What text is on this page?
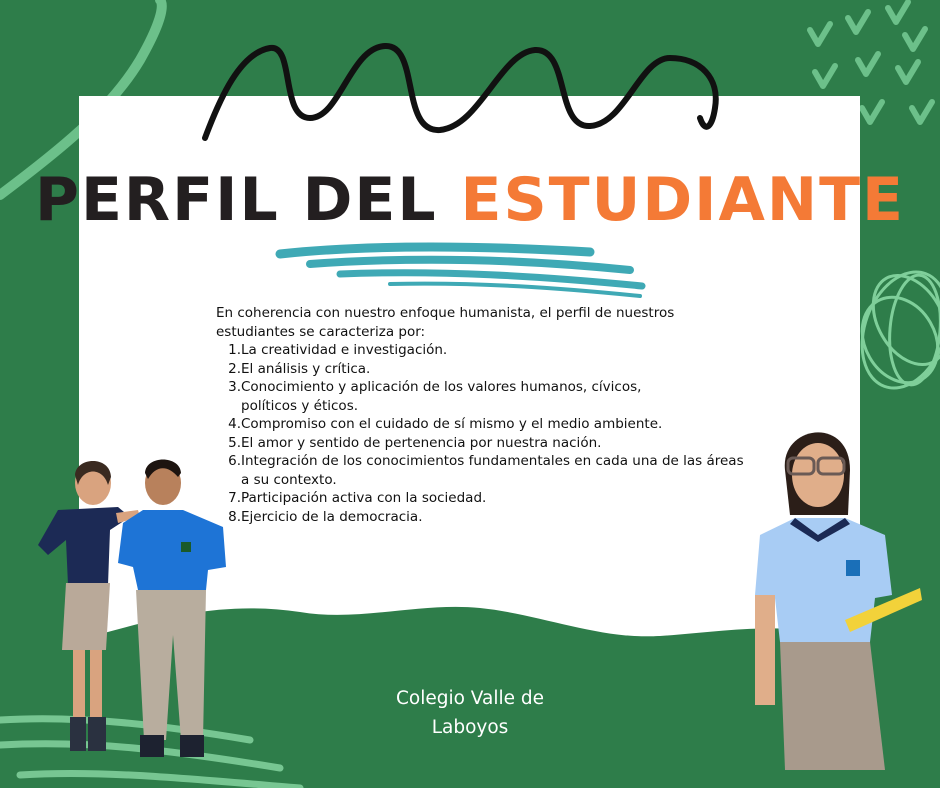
PERFIL DEL ESTUDIANTE
En coherencia con nuestro enfoque humanista, el perfil de nuestros estudiantes se caracteriza por:
1. La creatividad e investigación.
2. El análisis y crítica.
3. Conocimiento y aplicación de los valores humanos, cívicos, políticos y éticos.
4. Compromiso con el cuidado de sí mismo y el medio ambiente.
5. El amor y sentido de pertenencia por nuestra nación.
6. Integración de los conocimientos fundamentales en cada una de las áreas a su contexto.
7. Participación activa con la sociedad.
8. Ejercicio de la democracia.
Colegio Valle de
Laboyos
